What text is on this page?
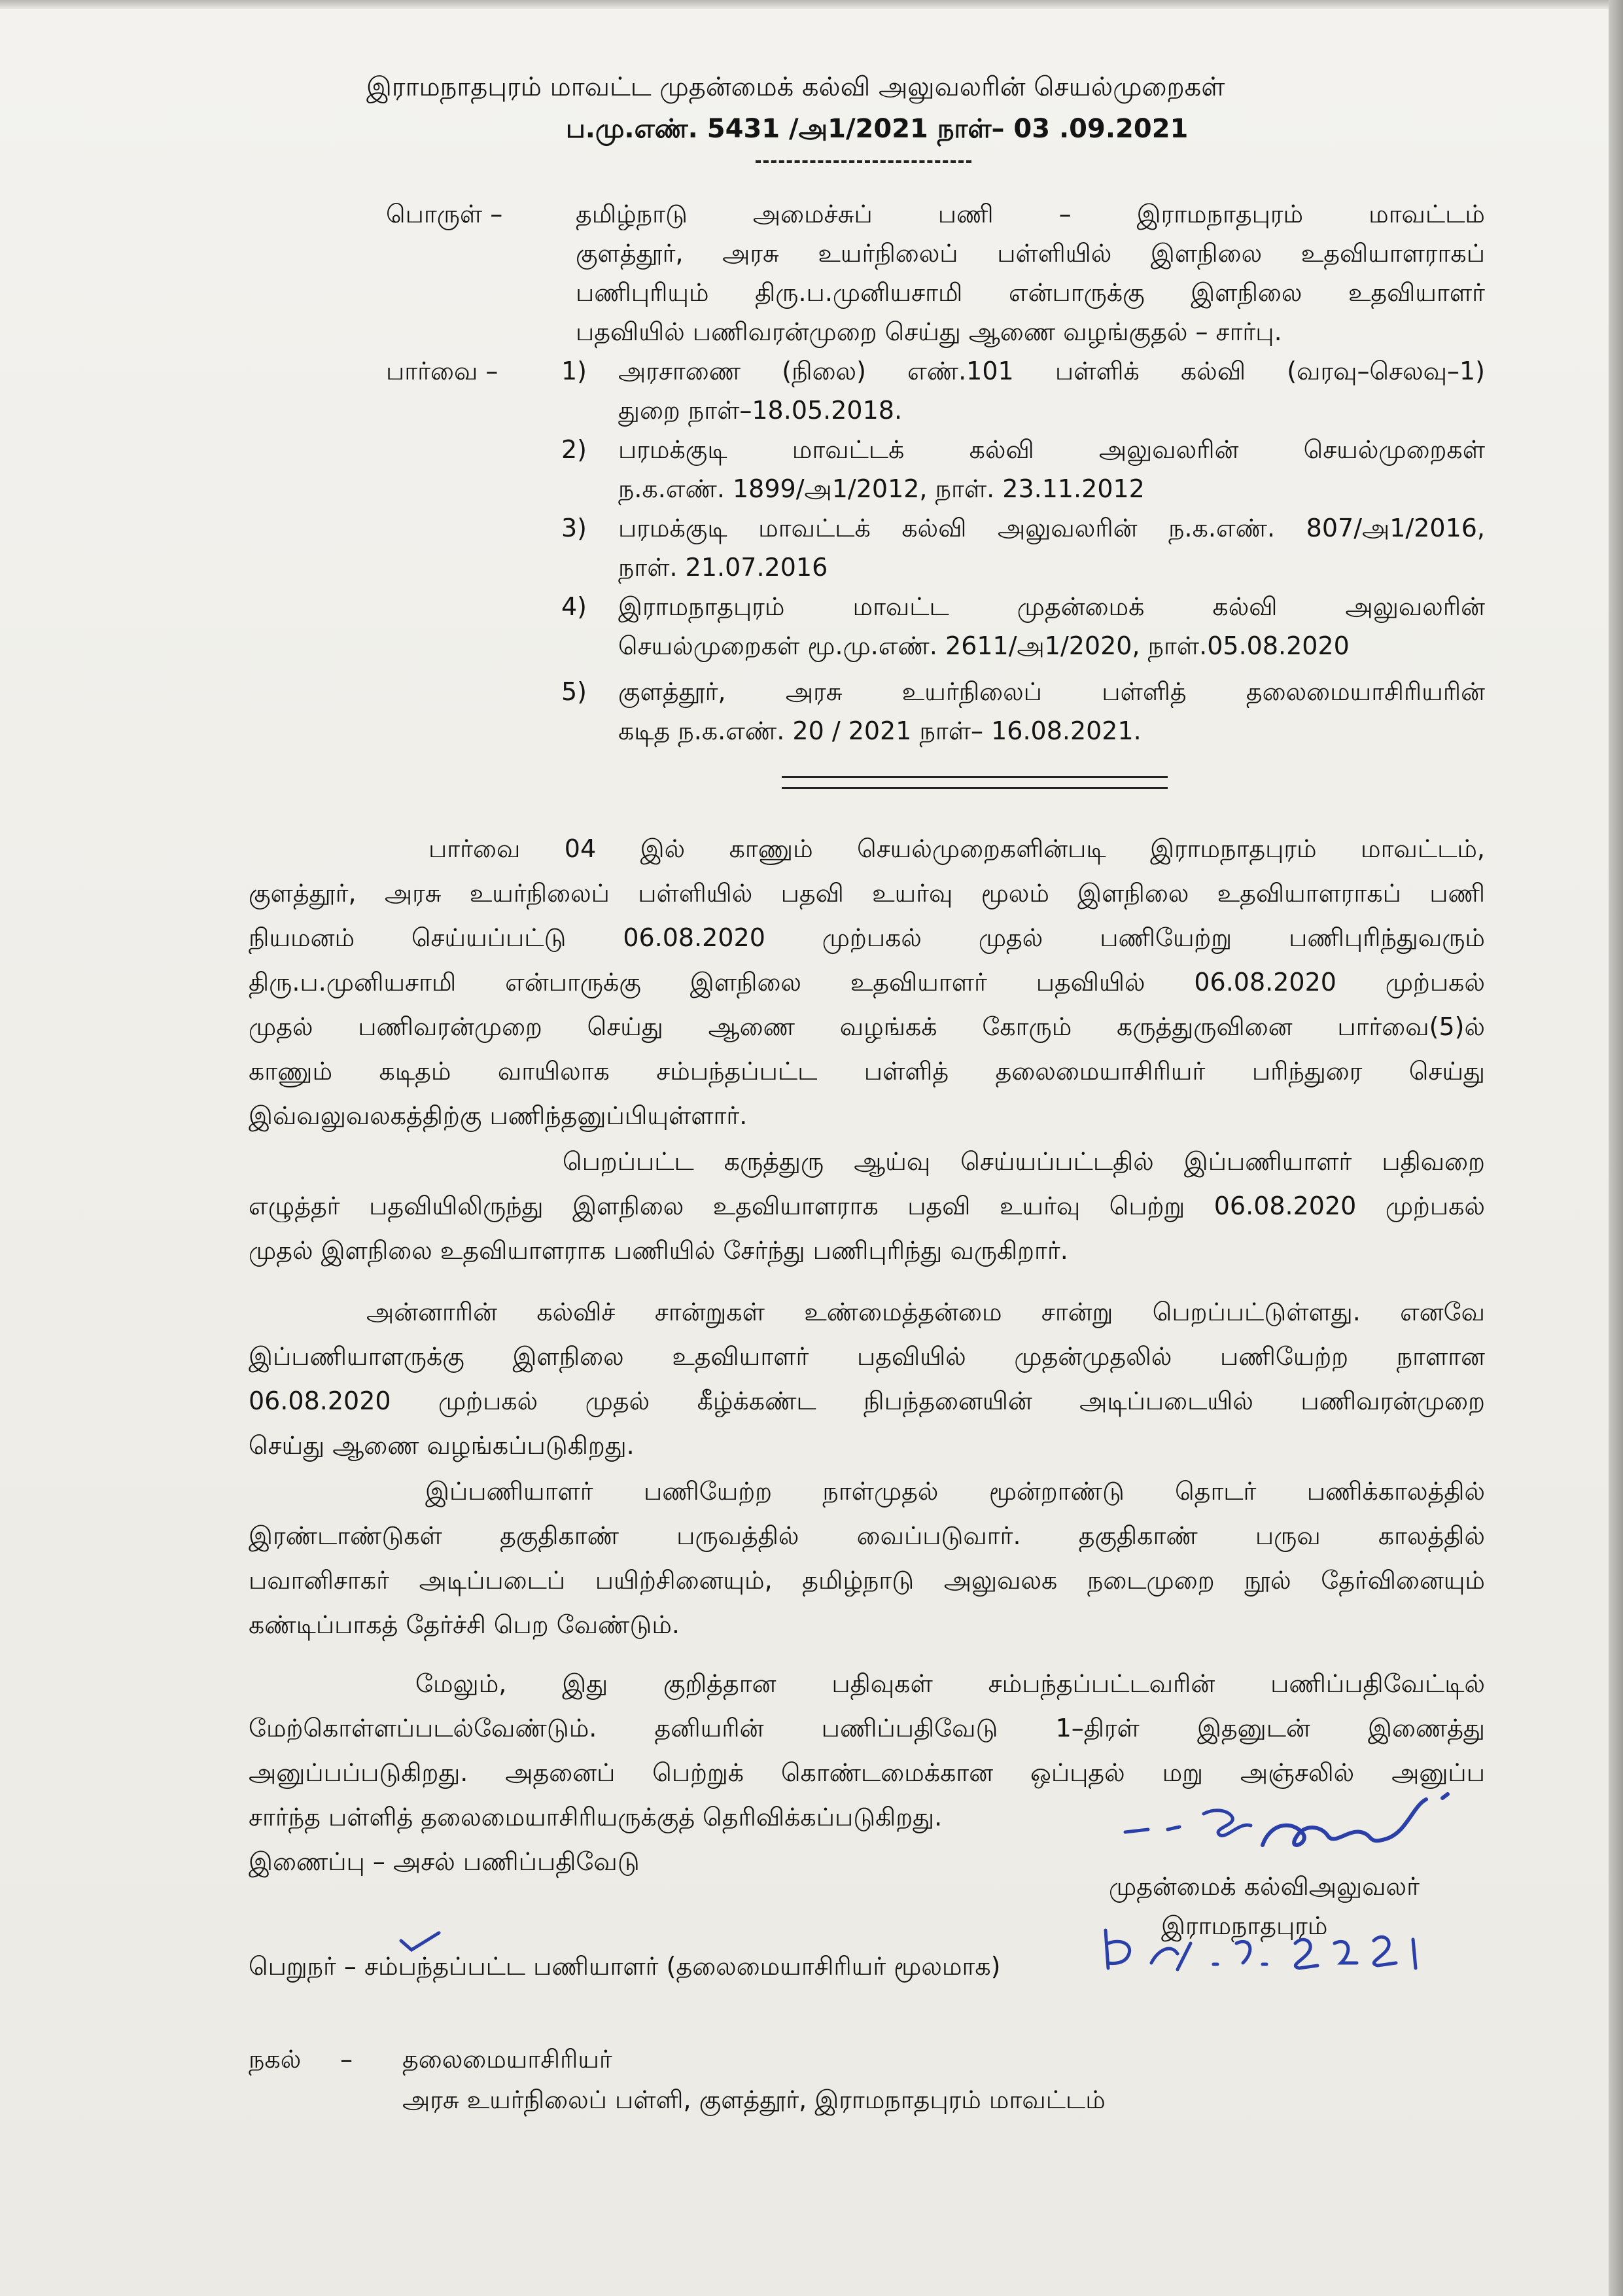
இராமநாதபுரம் மாவட்ட முதன்மைக் கல்வி அலுவலரின் செயல்முறைகள்
ப.மு.எண். 5431 /அ1/2021 நாள்– 03 .09.2021
பொருள் –	தமிழ்நாடு அமைச்சுப் பணி – இராமநாதபுரம் மாவட்டம்
குளத்தூர், அரசு உயர்நிலைப் பள்ளியில் இளநிலை உதவியாளராகப்
பணிபுரியும் திரு.ப.முனியசாமி என்பாருக்கு இளநிலை உதவியாளர்
பதவியில் பணிவரன்முறை செய்து ஆணை வழங்குதல் – சார்பு.
பார்வை –	1) அரசாணை (நிலை) எண்.101 பள்ளிக் கல்வி (வரவு–செலவு–1)
துறை நாள்–18.05.2018.
2) பரமக்குடி மாவட்டக் கல்வி அலுவலரின் செயல்முறைகள்
ந.க.எண். 1899/அ1/2012, நாள். 23.11.2012
3) பரமக்குடி மாவட்டக் கல்வி அலுவலரின் ந.க.எண். 807/அ1/2016,
நாள். 21.07.2016
4) இராமநாதபுரம் மாவட்ட முதன்மைக் கல்வி அலுவலரின்
செயல்முறைகள் மூ.மு.எண். 2611/அ1/2020, நாள்.05.08.2020
5) குளத்தூர், அரசு உயர்நிலைப் பள்ளித் தலைமையாசிரியரின்
கடித ந.க.எண். 20 / 2021 நாள்– 16.08.2021.
பார்வை 04 இல் காணும் செயல்முறைகளின்படி இராமநாதபுரம் மாவட்டம்,
குளத்தூர், அரசு உயர்நிலைப் பள்ளியில் பதவி உயர்வு மூலம் இளநிலை உதவியாளராகப் பணி
நியமனம் செய்யப்பட்டு 06.08.2020 முற்பகல் முதல் பணியேற்று பணிபுரிந்துவரும்
திரு.ப.முனியசாமி என்பாருக்கு இளநிலை உதவியாளர் பதவியில் 06.08.2020 முற்பகல்
முதல் பணிவரன்முறை செய்து ஆணை வழங்கக் கோரும் கருத்துருவினை பார்வை(5)ல்
காணும் கடிதம் வாயிலாக சம்பந்தப்பட்ட பள்ளித் தலைமையாசிரியர் பரிந்துரை செய்து
இவ்வலுவலகத்திற்கு பணிந்தனுப்பியுள்ளார்.
பெறப்பட்ட கருத்துரு ஆய்வு செய்யப்பட்டதில் இப்பணியாளர் பதிவறை
எழுத்தர் பதவியிலிருந்து இளநிலை உதவியாளராக பதவி உயர்வு பெற்று 06.08.2020 முற்பகல்
முதல் இளநிலை உதவியாளராக பணியில் சேர்ந்து பணிபுரிந்து வருகிறார்.
அன்னாரின் கல்விச் சான்றுகள் உண்மைத்தன்மை சான்று பெறப்பட்டுள்ளது. எனவே
இப்பணியாளருக்கு இளநிலை உதவியாளர் பதவியில் முதன்முதலில் பணியேற்ற நாளான
06.08.2020 முற்பகல் முதல் கீழ்க்கண்ட நிபந்தனையின் அடிப்படையில் பணிவரன்முறை
செய்து ஆணை வழங்கப்படுகிறது.
இப்பணியாளர் பணியேற்ற நாள்முதல் மூன்றாண்டு தொடர் பணிக்காலத்தில்
இரண்டாண்டுகள் தகுதிகாண் பருவத்தில் வைப்படுவார். தகுதிகாண் பருவ காலத்தில்
பவானிசாகர் அடிப்படைப் பயிற்சினையும், தமிழ்நாடு அலுவலக நடைமுறை நூல் தேர்வினையும்
கண்டிப்பாகத் தேர்ச்சி பெற வேண்டும்.
மேலும், இது குறித்தான பதிவுகள் சம்பந்தப்பட்டவரின் பணிப்பதிவேட்டில்
மேற்கொள்ளப்படல்வேண்டும். தனியரின் பணிப்பதிவேடு 1–திரள் இதனுடன் இணைத்து
அனுப்பப்படுகிறது. அதனைப் பெற்றுக் கொண்டமைக்கான ஒப்புதல் மறு அஞ்சலில் அனுப்ப
சார்ந்த பள்ளித் தலைமையாசிரியருக்குத் தெரிவிக்கப்படுகிறது.
இணைப்பு – அசல் பணிப்பதிவேடு
முதன்மைக் கல்விஅலுவலர்
இராமநாதபுரம்
பெறுநர் – சம்பந்தப்பட்ட பணியாளர் (தலைமையாசிரியர் மூலமாக)
நகல் – தலைமையாசிரியர்
அரசு உயர்நிலைப் பள்ளி, குளத்தூர், இராமநாதபுரம் மாவட்டம்
